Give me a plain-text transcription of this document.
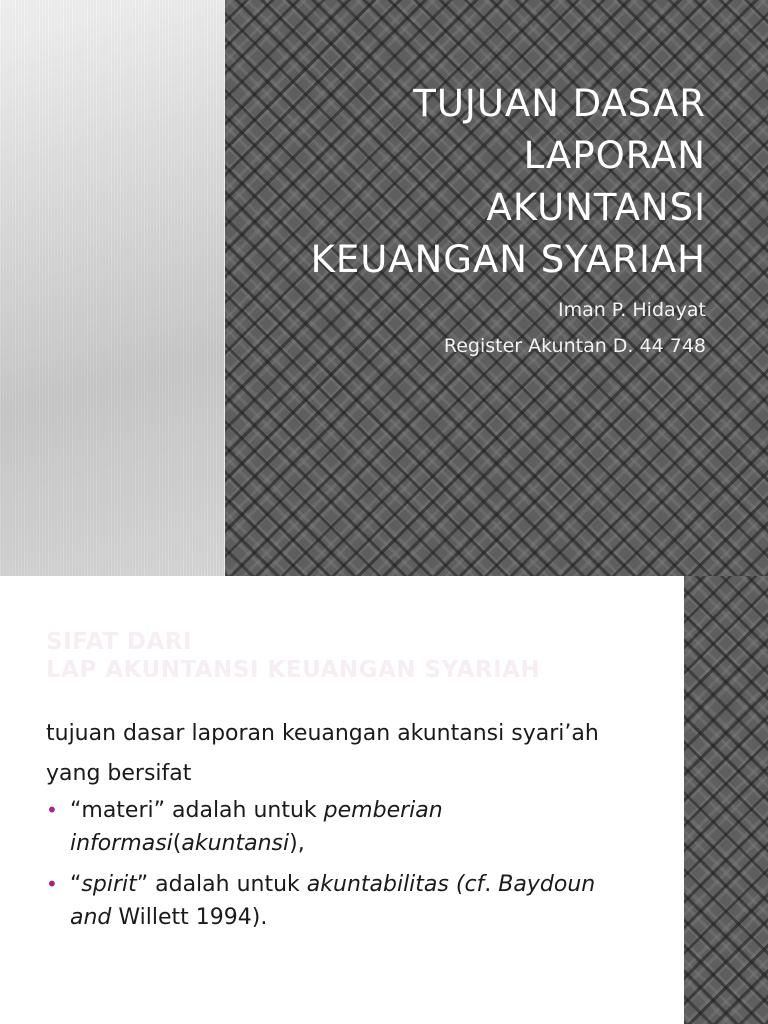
TUJUAN DASAR
LAPORAN
AKUNTANSI
KEUANGAN SYARIAH
Iman P. Hidayat
Register Akuntan D. 44 748
SIFAT DARI
LAP AKUNTANSI KEUANGAN SYARIAH
tujuan dasar laporan keuangan akuntansi syari’ah yang bersifat
• “materi” adalah untuk pemberian informasi(akuntansi),
• “spirit” adalah untuk akuntabilitas (cf. Baydoun and Willett 1994).
